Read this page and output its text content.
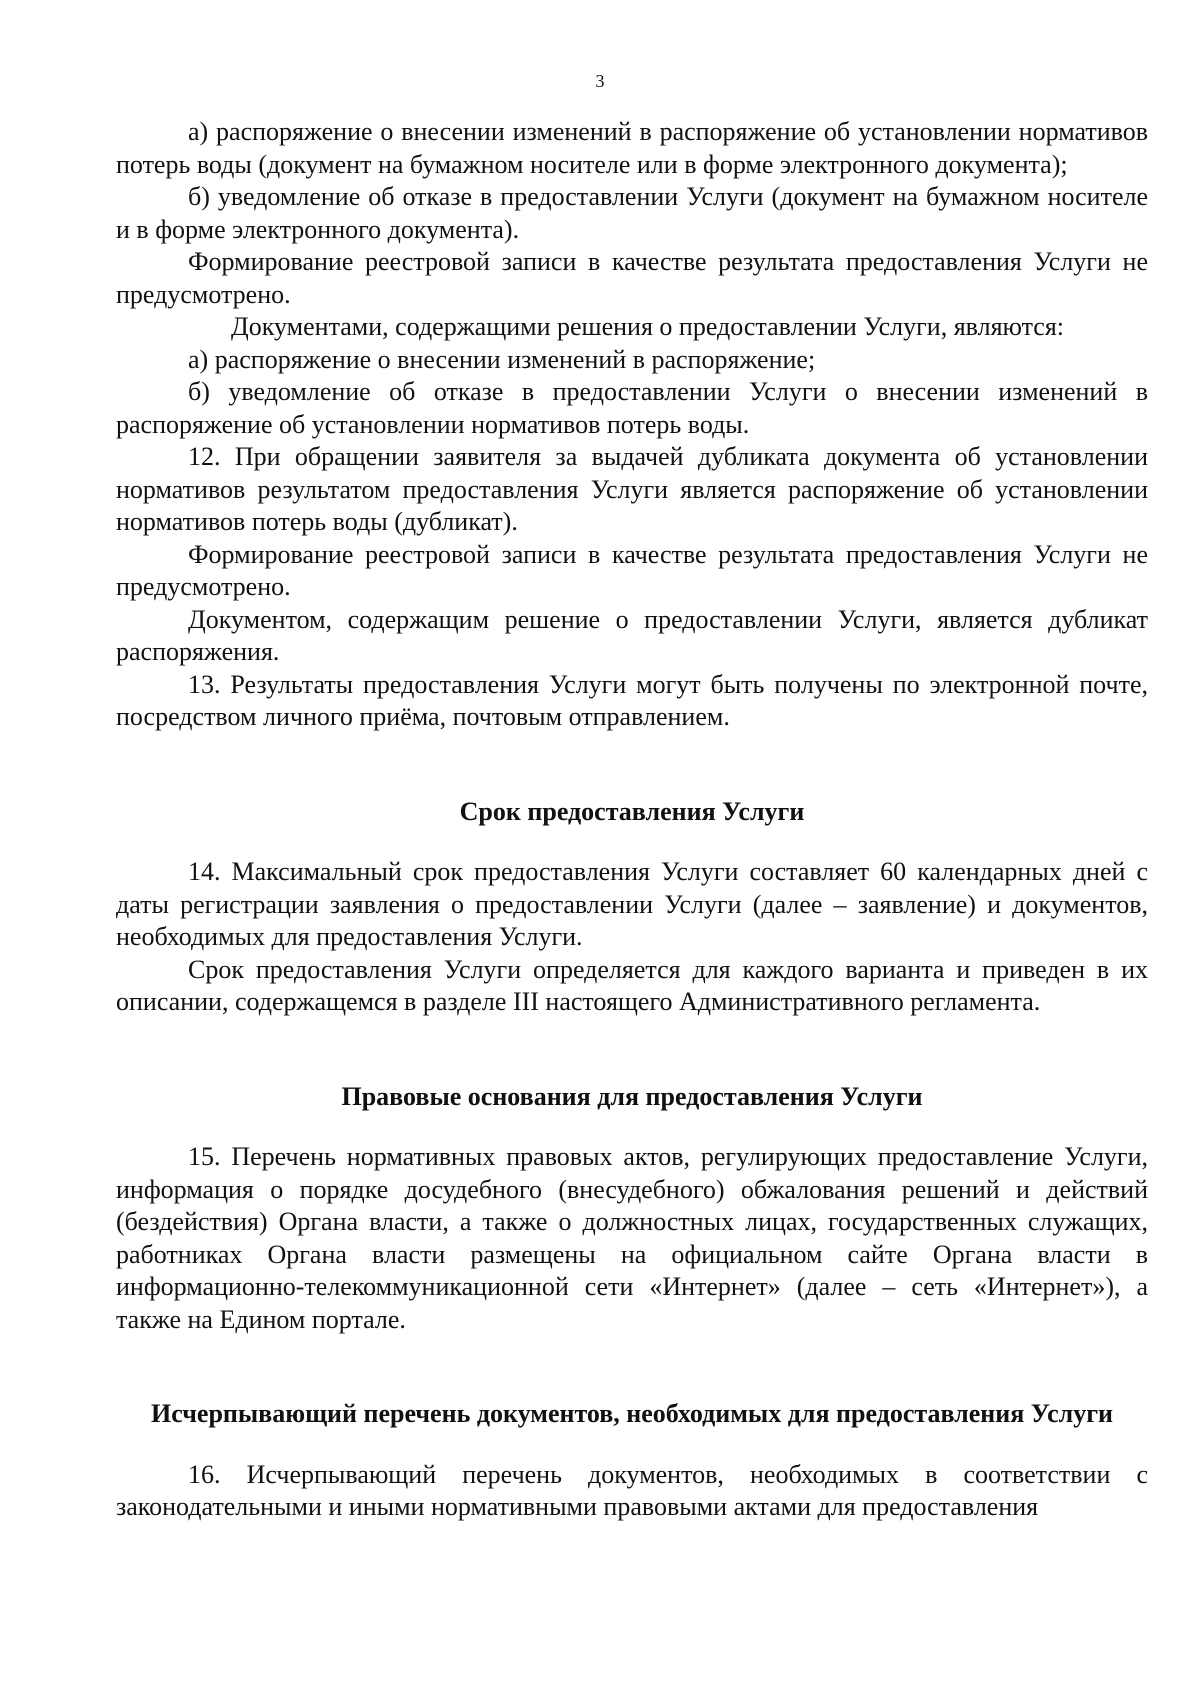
3

а) распоряжение о внесении изменений в распоряжение об установлении нормативов потерь воды (документ на бумажном носителе или в форме электронного документа);

б) уведомление об отказе в предоставлении Услуги (документ на бумажном носителе и в форме электронного документа).

Формирование реестровой записи в качестве результата предоставления Услуги не предусмотрено.

Документами, содержащими решения о предоставлении Услуги, являются:

а) распоряжение о внесении изменений в распоряжение;

б) уведомление об отказе в предоставлении Услуги о внесении изменений в распоряжение об установлении нормативов потерь воды.

12. При обращении заявителя за выдачей дубликата документа об установлении нормативов результатом предоставления Услуги является распоряжение об установлении нормативов потерь воды (дубликат).

Формирование реестровой записи в качестве результата предоставления Услуги не предусмотрено.

Документом, содержащим решение о предоставлении Услуги, является дубликат распоряжения.

13. Результаты предоставления Услуги могут быть получены по электронной почте, посредством личного приёма, почтовым отправлением.

Срок предоставления Услуги

14. Максимальный срок предоставления Услуги составляет 60 календарных дней с даты регистрации заявления о предоставлении Услуги (далее – заявление) и документов, необходимых для предоставления Услуги.

Срок предоставления Услуги определяется для каждого варианта и приведен в их описании, содержащемся в разделе III настоящего Административного регламента.

Правовые основания для предоставления Услуги

15. Перечень нормативных правовых актов, регулирующих предоставление Услуги, информация о порядке досудебного (внесудебного) обжалования решений и действий (бездействия) Органа власти, а также о должностных лицах, государственных служащих, работниках Органа власти размещены на официальном сайте Органа власти в информационно-телекоммуникационной сети «Интернет» (далее – сеть «Интернет»), а также на Едином портале.

Исчерпывающий перечень документов, необходимых для предоставления Услуги

16. Исчерпывающий перечень документов, необходимых в соответствии с законодательными и иными нормативными правовыми актами для предоставления
